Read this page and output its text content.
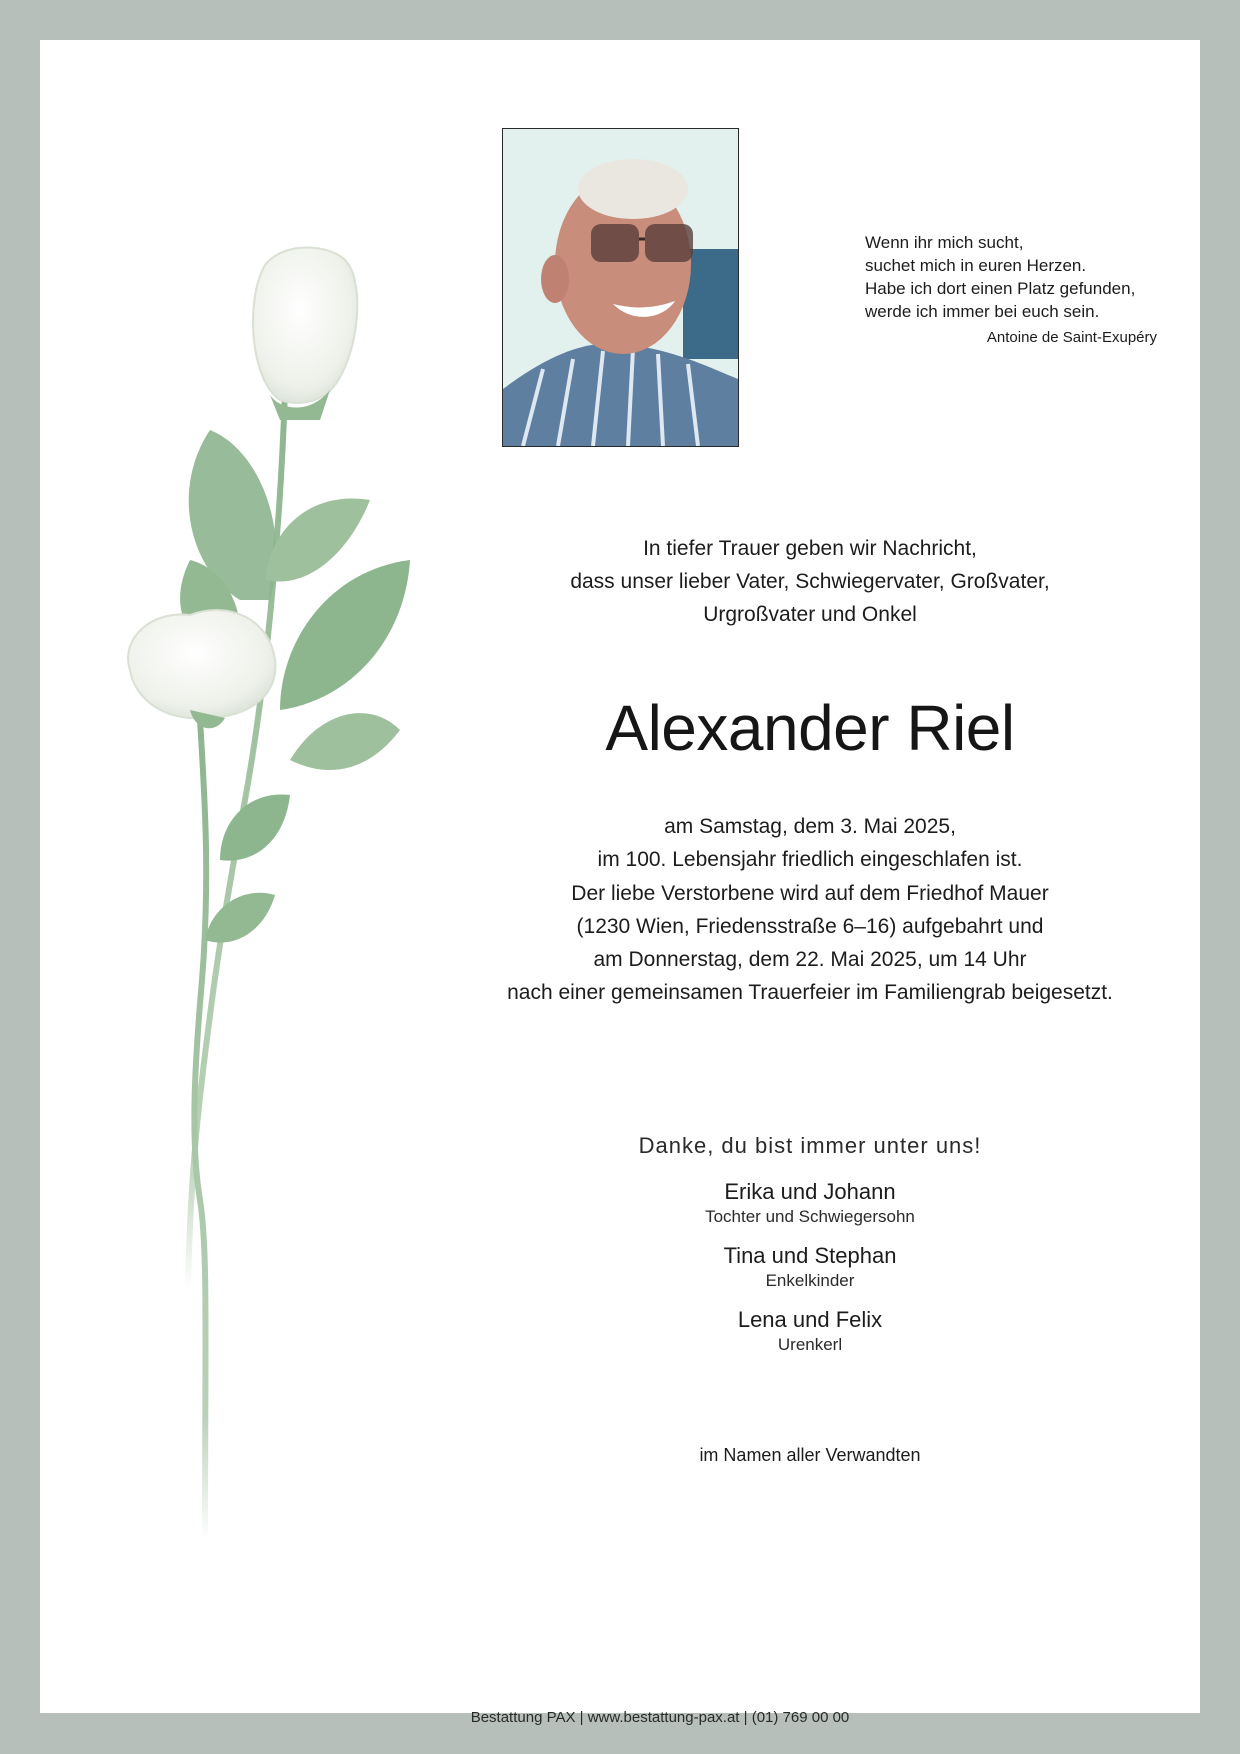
Wenn ihr mich sucht,
suchet mich in euren Herzen.
Habe ich dort einen Platz gefunden,
werde ich immer bei euch sein.
Antoine de Saint-Exupéry
In tiefer Trauer geben wir Nachricht,
dass unser lieber Vater, Schwiegervater, Großvater,
Urgroßvater und Onkel
Alexander Riel
am Samstag, dem 3. Mai 2025,
im 100. Lebensjahr friedlich eingeschlafen ist.
Der liebe Verstorbene wird auf dem Friedhof Mauer
(1230 Wien, Friedensstraße 6–16) aufgebahrt und
am Donnerstag, dem 22. Mai 2025, um 14 Uhr
nach einer gemeinsamen Trauerfeier im Familiengrab beigesetzt.
Danke, du bist immer unter uns!
Erika und Johann
Tochter und Schwiegersohn
Tina und Stephan
Enkelkinder
Lena und Felix
Urenkerl
im Namen aller Verwandten
Bestattung PAX | www.bestattung-pax.at | (01) 769 00 00
